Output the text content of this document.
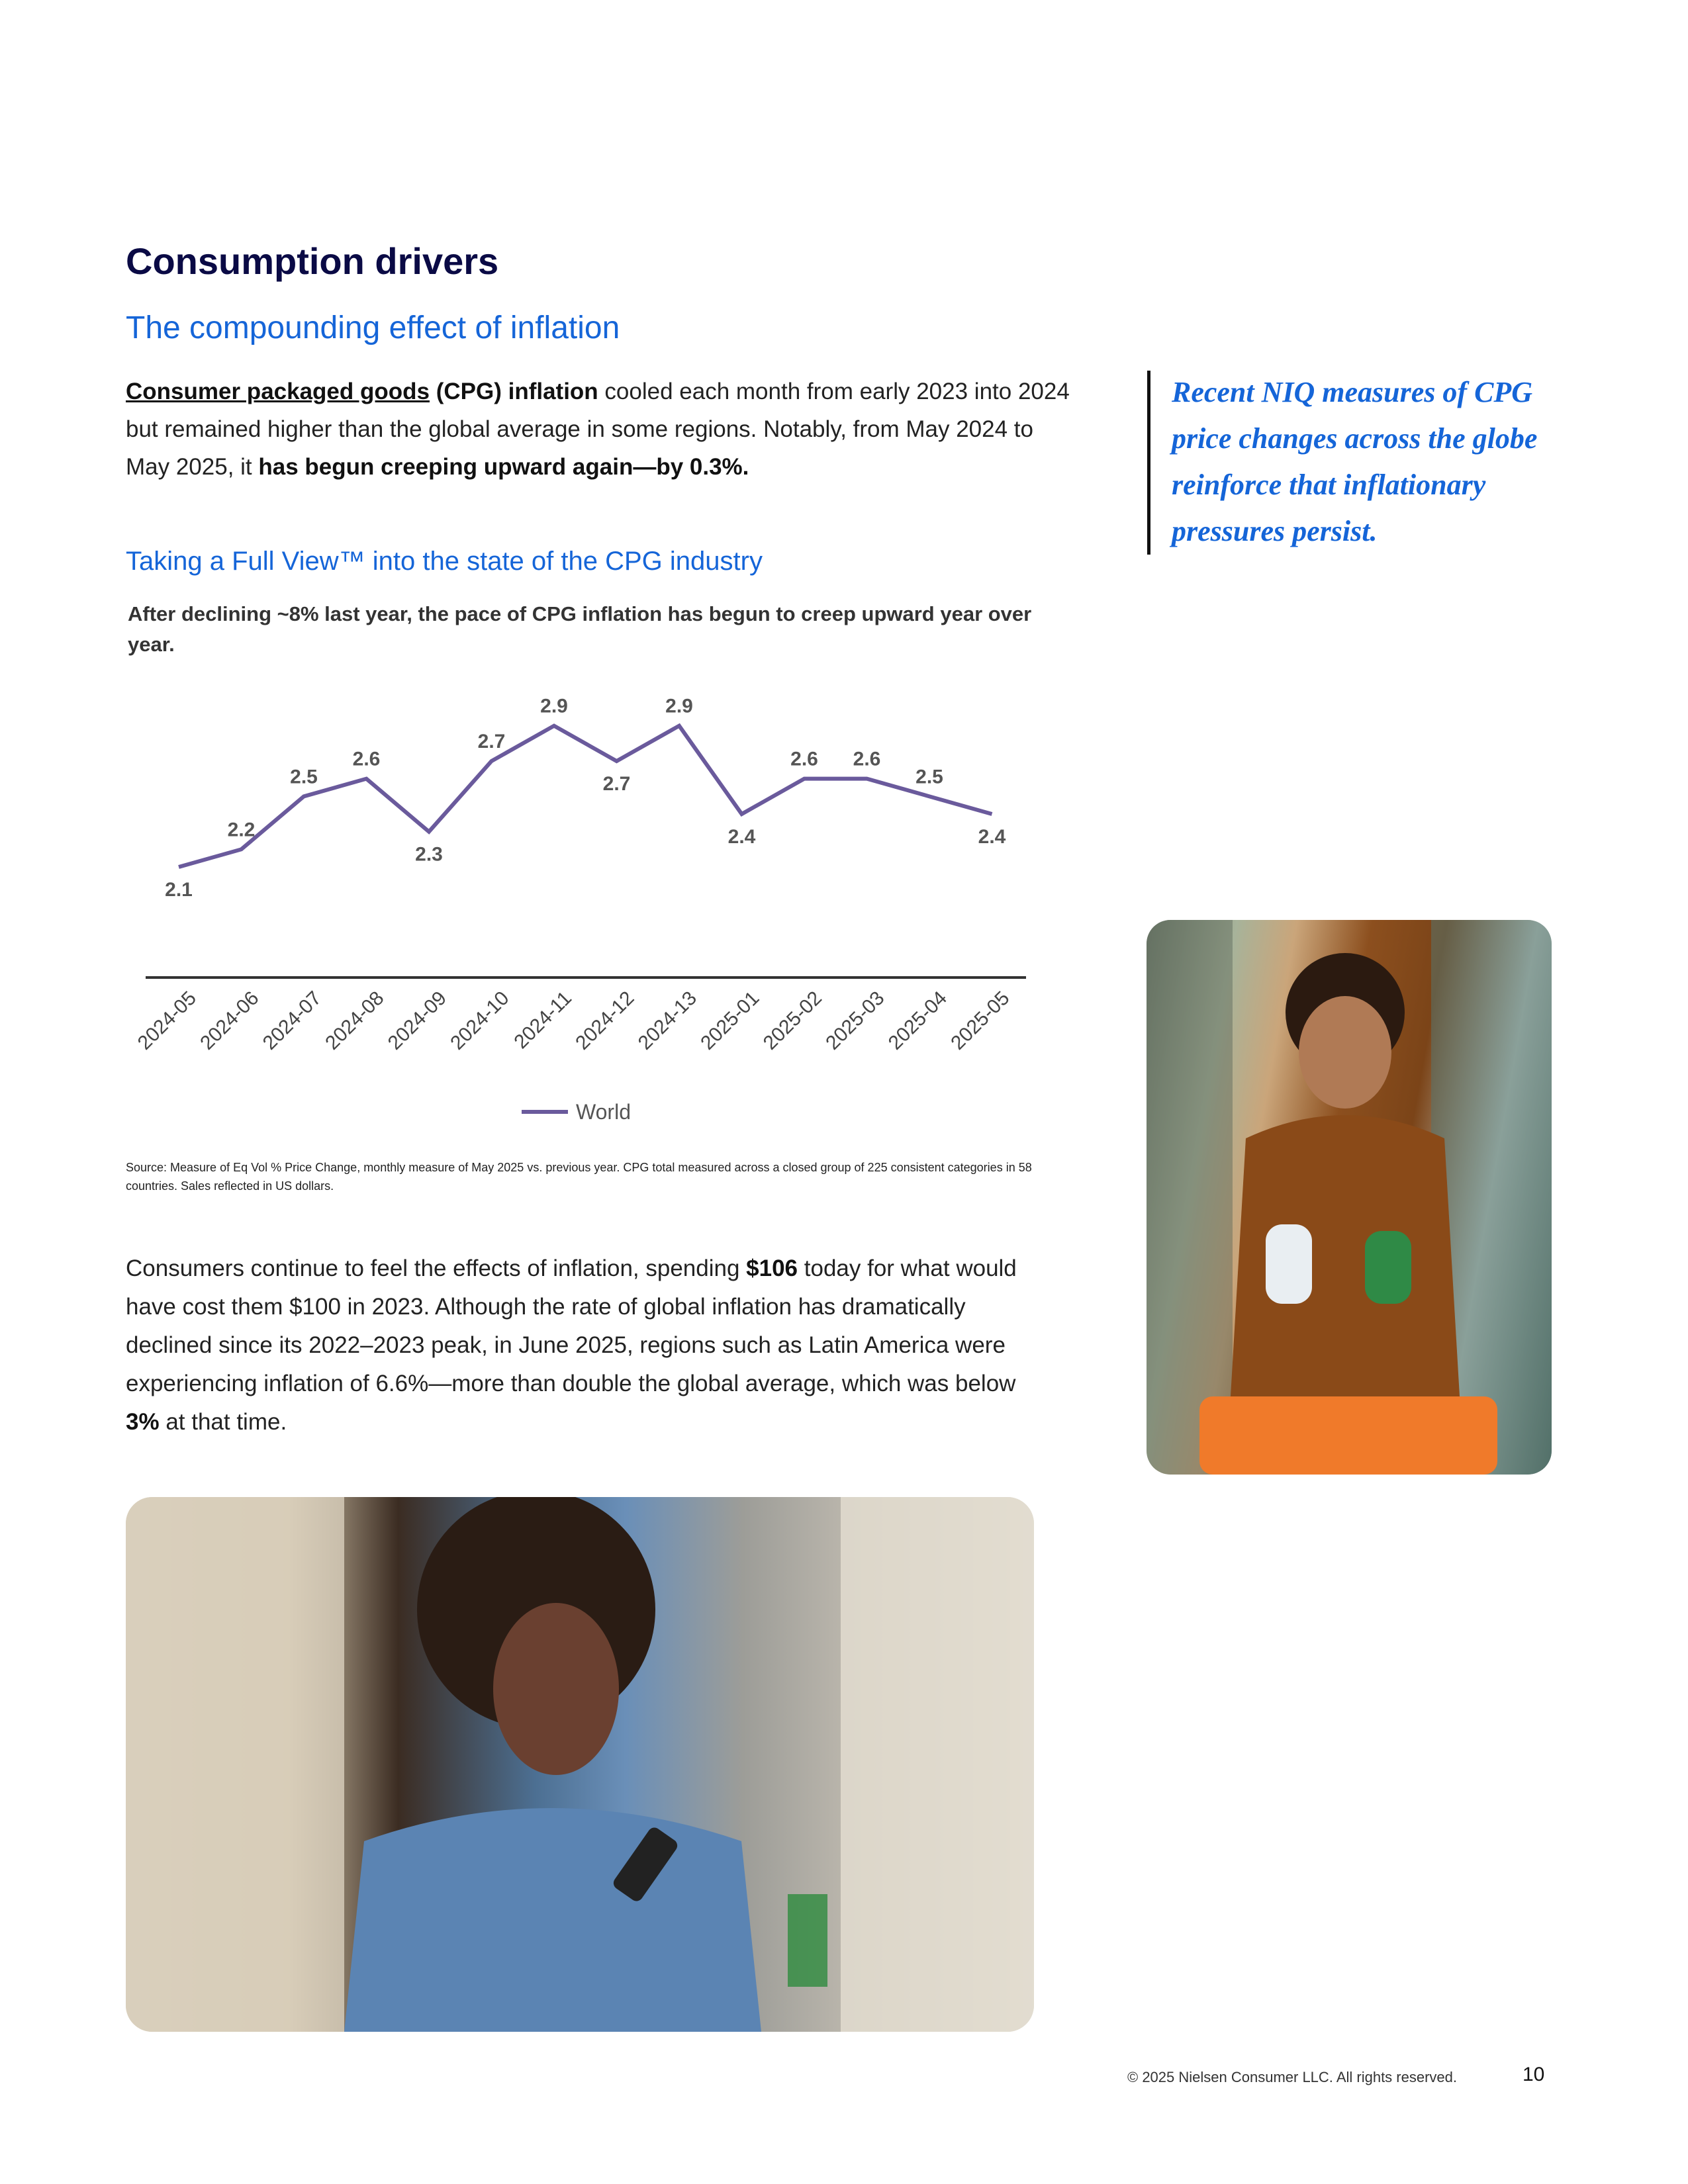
Consumption drivers
The compounding effect of inflation
Consumer packaged goods (CPG) inflation cooled each month from early 2023 into 2024 but remained higher than the global average in some regions. Notably, from May 2024 to May 2025, it has begun creeping upward again—by 0.3%.
Recent NIQ measures of CPG price changes across the globe reinforce that inflationary pressures persist.
Taking a Full View™ into the state of the CPG industry
After declining ~8% last year, the pace of CPG inflation has begun to creep upward year over year.
2.1
2.2
2.5
2.6
2.3
2.7
2.9
2.7
2.9
2.4
2.6 2.6
2.5
2.4
2024-05
2024-06
2024-07
2024-08
2024-09
2024-10
2024-11
2024-12
2024-13
2025-01
2025-02
2025-03
2025-04
2025-05
World
Source: Measure of Eq Vol % Price Change, monthly measure of May 2025 vs. previous year. CPG total measured across a closed group of 225 consistent categories in 58 countries. Sales reflected in US dollars.
Consumers continue to feel the effects of inflation, spending $106 today for what would have cost them $100 in 2023. Although the rate of global inflation has dramatically declined since its 2022–2023 peak, in June 2025, regions such as Latin America were experiencing inflation of 6.6%—more than double the global average, which was below 3% at that time.
© 2025 Nielsen Consumer LLC. All rights reserved.	10
